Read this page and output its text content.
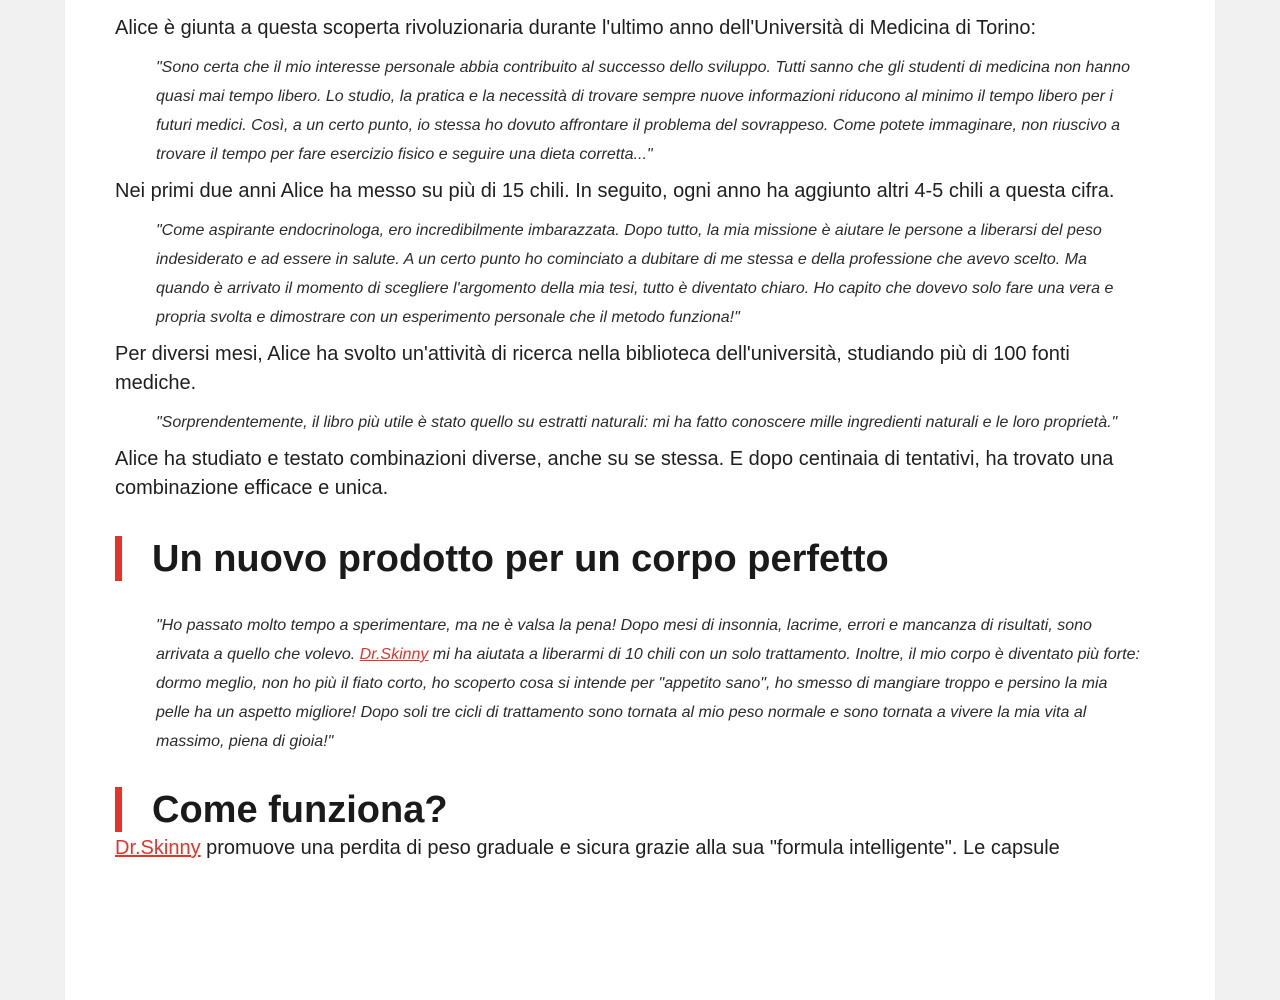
Alice è giunta a questa scoperta rivoluzionaria durante l'ultimo anno dell'Università di Medicina di Torino:

"Sono certa che il mio interesse personale abbia contribuito al successo dello sviluppo. Tutti sanno che gli studenti di medicina non hanno quasi mai tempo libero. Lo studio, la pratica e la necessità di trovare sempre nuove informazioni riducono al minimo il tempo libero per i futuri medici. Così, a un certo punto, io stessa ho dovuto affrontare il problema del sovrappeso. Come potete immaginare, non riuscivo a trovare il tempo per fare esercizio fisico e seguire una dieta corretta..."

Nei primi due anni Alice ha messo su più di 15 chili. In seguito, ogni anno ha aggiunto altri 4-5 chili a questa cifra.

"Come aspirante endocrinologa, ero incredibilmente imbarazzata. Dopo tutto, la mia missione è aiutare le persone a liberarsi del peso indesiderato e ad essere in salute. A un certo punto ho cominciato a dubitare di me stessa e della professione che avevo scelto. Ma quando è arrivato il momento di scegliere l'argomento della mia tesi, tutto è diventato chiaro. Ho capito che dovevo solo fare una vera e propria svolta e dimostrare con un esperimento personale che il metodo funziona!"

Per diversi mesi, Alice ha svolto un'attività di ricerca nella biblioteca dell'università, studiando più di 100 fonti mediche.

"Sorprendentemente, il libro più utile è stato quello su estratti naturali: mi ha fatto conoscere mille ingredienti naturali e le loro proprietà."

Alice ha studiato e testato combinazioni diverse, anche su se stessa. E dopo centinaia di tentativi, ha trovato una combinazione efficace e unica.

Un nuovo prodotto per un corpo perfetto
"Ho passato molto tempo a sperimentare, ma ne è valsa la pena! Dopo mesi di insonnia, lacrime, errori e mancanza di risultati, sono arrivata a quello che volevo. Dr.Skinny mi ha aiutata a liberarmi di 10 chili con un solo trattamento. Inoltre, il mio corpo è diventato più forte: dormo meglio, non ho più il fiato corto, ho scoperto cosa si intende per "appetito sano", ho smesso di mangiare troppo e persino la mia pelle ha un aspetto migliore! Dopo soli tre cicli di trattamento sono tornata al mio peso normale e sono tornata a vivere la mia vita al massimo, piena di gioia!"
Come funziona?

Dr.Skinny promuove una perdita di peso graduale e sicura grazie alla sua "formula intelligente". Le capsule
